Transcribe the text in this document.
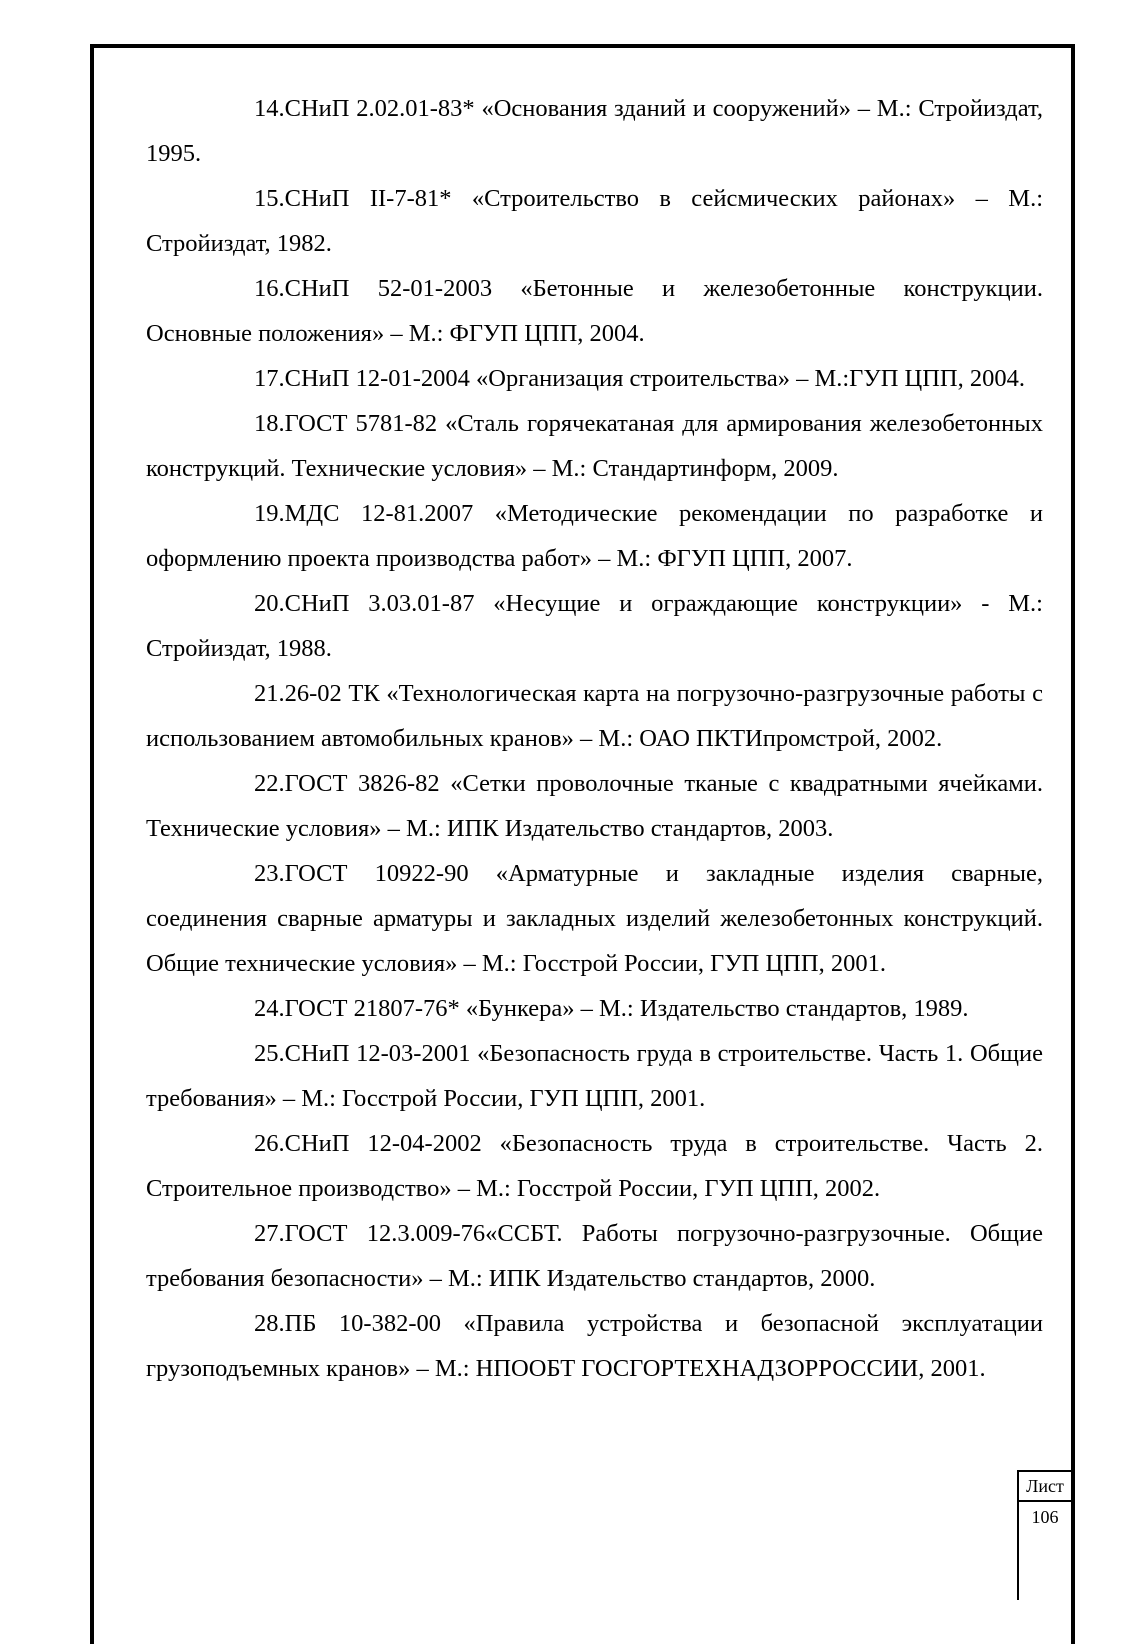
14.СНиП 2.02.01-83* «Основания зданий и сооружений» – М.: Стройиздат, 1995.

15.СНиП II-7-81* «Строительство в сейсмических районах» – М.: Стройиздат, 1982.

16.СНиП 52-01-2003 «Бетонные и железобетонные конструкции. Основные положения» – М.: ФГУП ЦПП, 2004.

17.СНиП 12-01-2004 «Организация строительства» – М.:ГУП ЦПП, 2004.

18.ГОСТ 5781-82 «Сталь горячекатаная для армирования железобетонных конструкций. Технические условия» – М.: Стандартинформ, 2009.

19.МДС 12-81.2007 «Методические рекомендации по разработке и оформлению проекта производства работ» – М.: ФГУП ЦПП, 2007.

20.СНиП 3.03.01-87 «Несущие и ограждающие конструкции» - М.: Стройиздат, 1988.

21.26-02 ТК «Технологическая карта на погрузочно-разгрузочные работы с использованием автомобильных кранов» – М.: ОАО ПКТИпромстрой, 2002.

22.ГОСТ 3826-82 «Сетки проволочные тканые с квадратными ячейками. Технические условия» – М.: ИПК Издательство стандартов, 2003.

23.ГОСТ 10922-90 «Арматурные и закладные изделия сварные, соединения сварные арматуры и закладных изделий железобетонных конструкций. Общие технические условия» – М.: Госстрой России, ГУП ЦПП, 2001.

24.ГОСТ 21807-76* «Бункера» – М.: Издательство стандартов, 1989.

25.СНиП 12-03-2001 «Безопасность груда в строительстве. Часть 1. Общие требования» – М.: Госстрой России, ГУП ЦПП, 2001.

26.СНиП 12-04-2002 «Безопасность труда в строительстве. Часть 2. Строительное производство» – М.: Госстрой России, ГУП ЦПП, 2002.

27.ГОСТ 12.3.009-76«ССБТ. Работы погрузочно-разгрузочные. Общие требования безопасности» – М.: ИПК Издательство стандартов, 2000.

28.ПБ 10-382-00 «Правила устройства и безопасной эксплуатации грузоподъемных кранов» – М.: НПООБТ ГОСГОРТЕХНАДЗОРРОССИИ, 2001.

Лист
106
